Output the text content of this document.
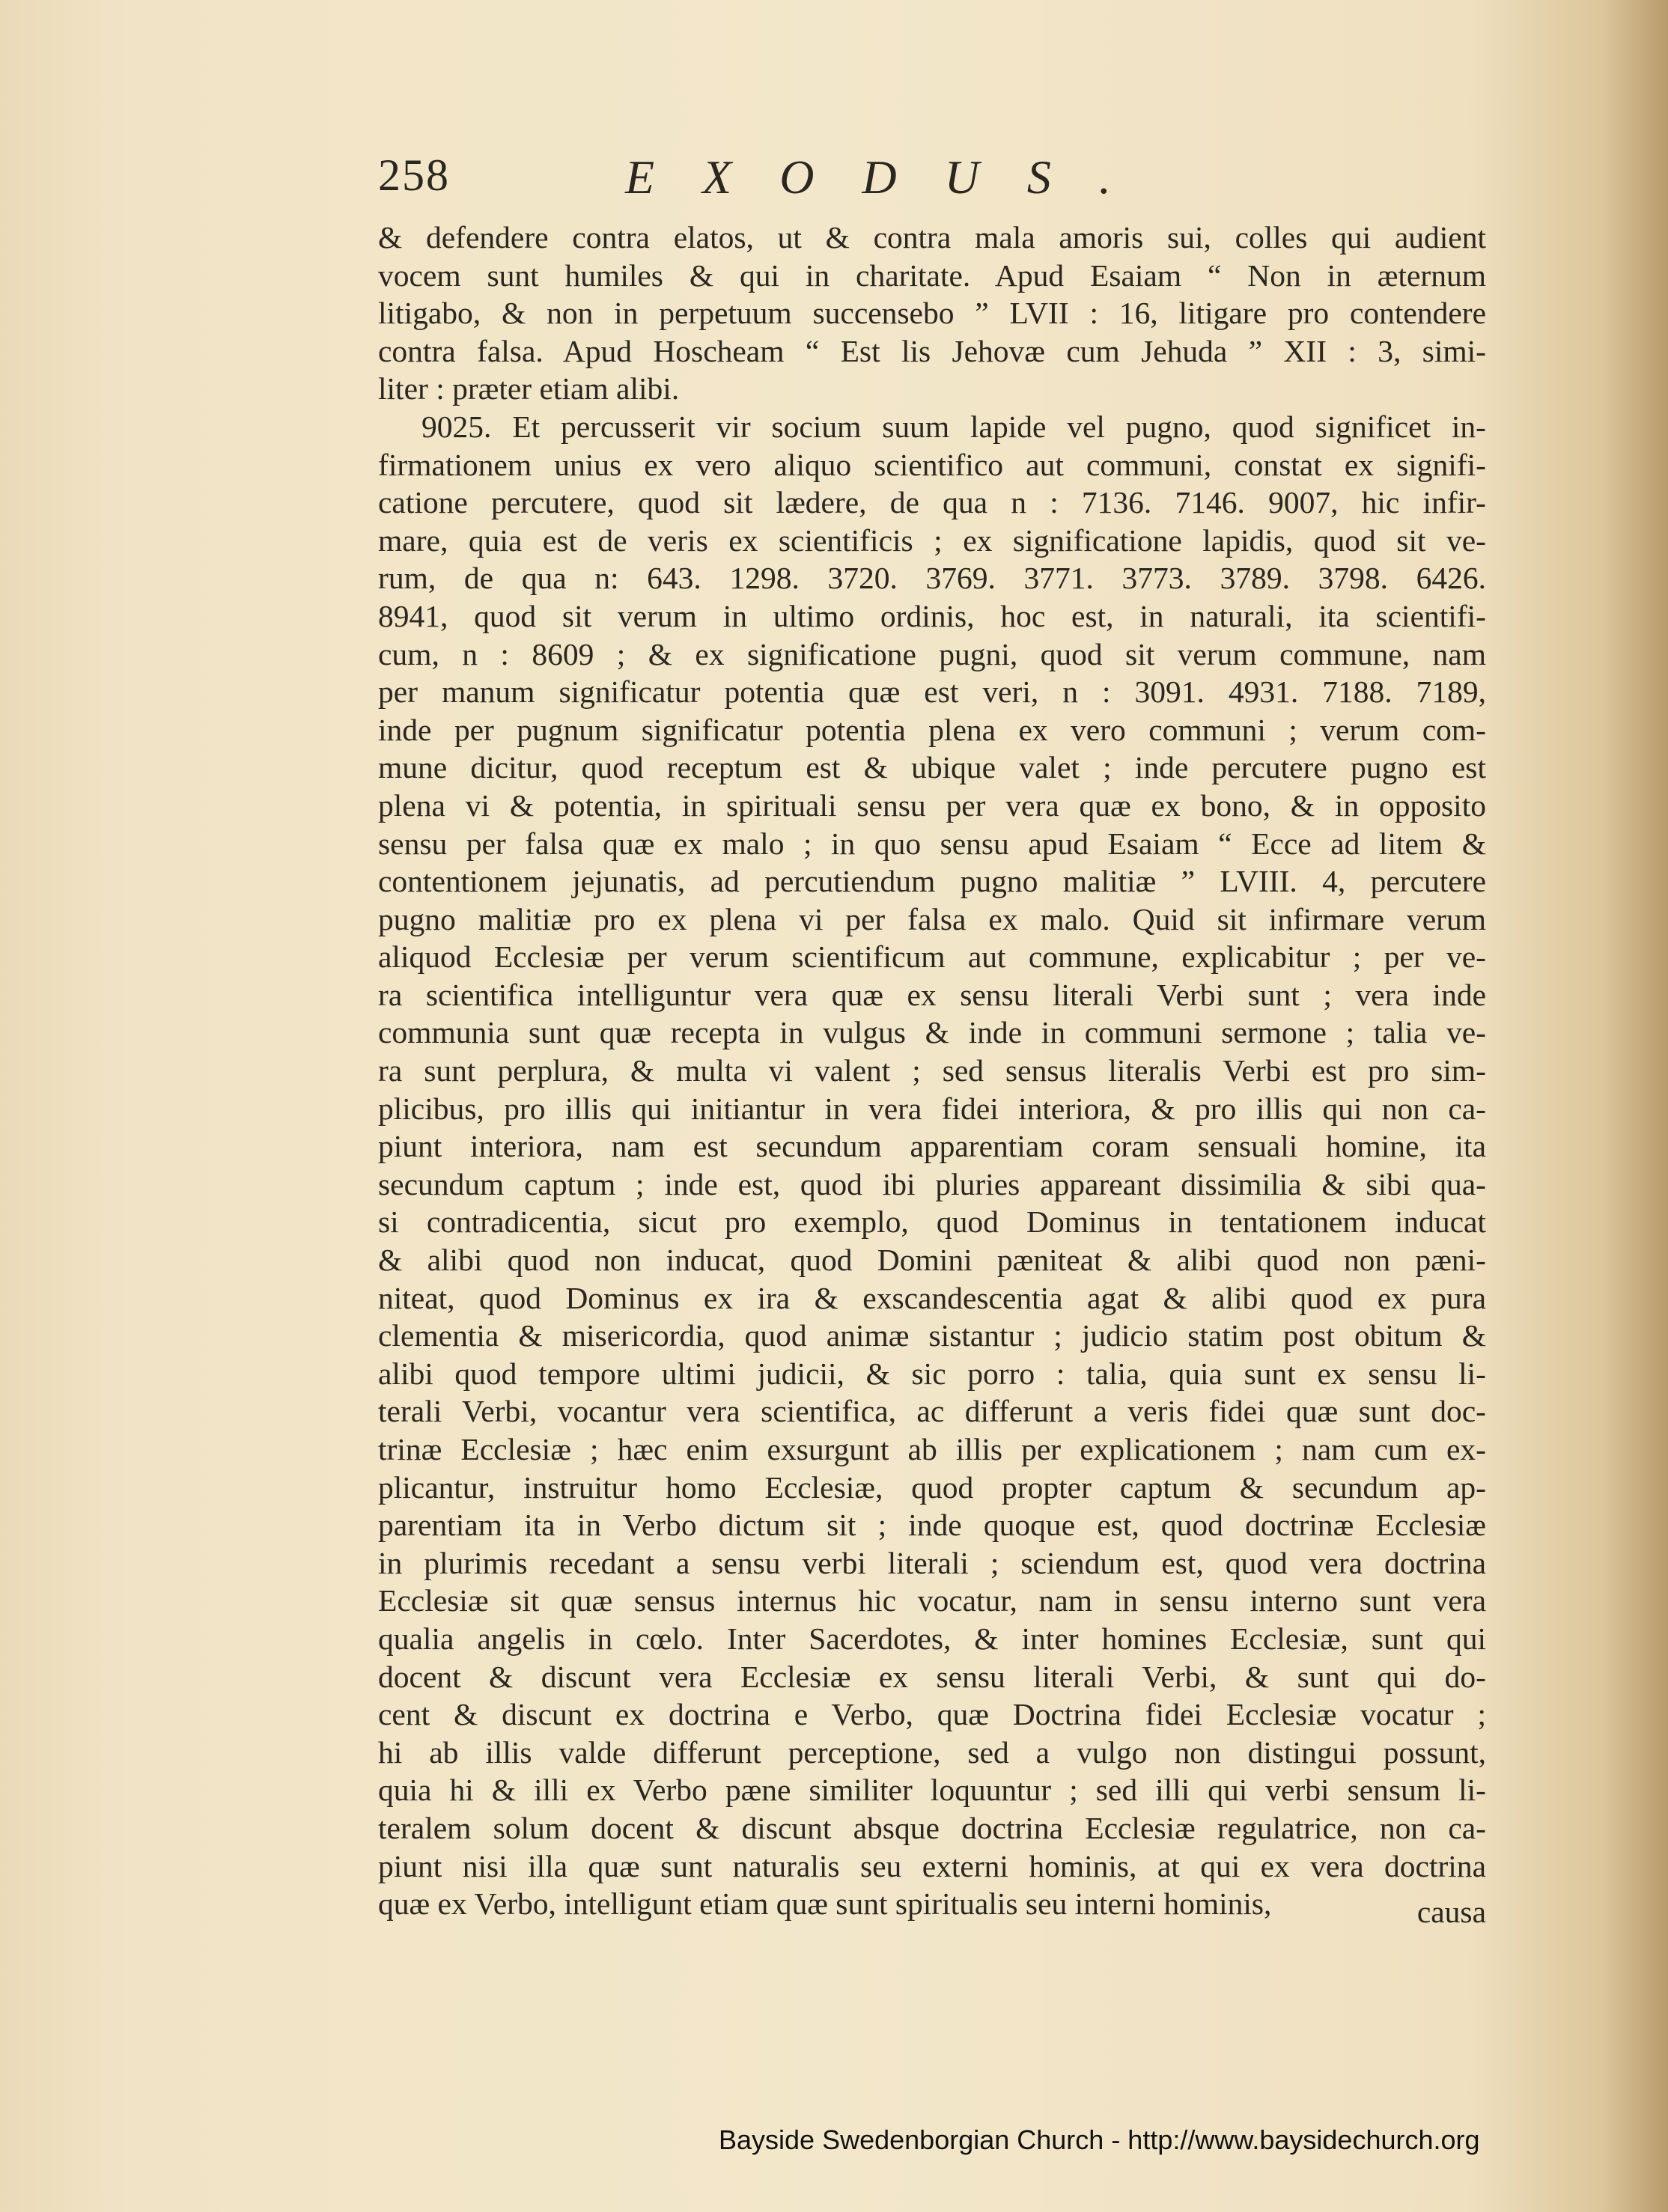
258	EXODUS.
& defendere contra elatos, ut & contra mala amoris sui, colles qui audient
vocem sunt humiles & qui in charitate. Apud Esaiam “ Non in æternum
litigabo, & non in perpetuum succensebo ” LVII : 16, litigare pro contendere
contra falsa. Apud Hoscheam “ Est lis Jehovæ cum Jehuda ” XII : 3, simi-
liter : præter etiam alibi.
9025. Et percusserit vir socium suum lapide vel pugno, quod significet in-
firmationem unius ex vero aliquo scientifico aut communi, constat ex signifi-
catione percutere, quod sit lædere, de qua n : 7136. 7146. 9007, hic infir-
mare, quia est de veris ex scientificis ; ex significatione lapidis, quod sit ve-
rum, de qua n: 643. 1298. 3720. 3769. 3771. 3773. 3789. 3798. 6426.
8941, quod sit verum in ultimo ordinis, hoc est, in naturali, ita scientifi-
cum, n : 8609 ; & ex significatione pugni, quod sit verum commune, nam
per manum significatur potentia quæ est veri, n : 3091. 4931. 7188. 7189,
inde per pugnum significatur potentia plena ex vero communi ; verum com-
mune dicitur, quod receptum est & ubique valet ; inde percutere pugno est
plena vi & potentia, in spirituali sensu per vera quæ ex bono, & in opposito
sensu per falsa quæ ex malo ; in quo sensu apud Esaiam “ Ecce ad litem &
contentionem jejunatis, ad percutiendum pugno malitiæ ” LVIII. 4, percutere
pugno malitiæ pro ex plena vi per falsa ex malo. Quid sit infirmare verum
aliquod Ecclesiæ per verum scientificum aut commune, explicabitur ; per ve-
ra scientifica intelliguntur vera quæ ex sensu literali Verbi sunt ; vera inde
communia sunt quæ recepta in vulgus & inde in communi sermone ; talia ve-
ra sunt perplura, & multa vi valent ; sed sensus literalis Verbi est pro sim-
plicibus, pro illis qui initiantur in vera fidei interiora, & pro illis qui non ca-
piunt interiora, nam est secundum apparentiam coram sensuali homine, ita
secundum captum ; inde est, quod ibi pluries appareant dissimilia & sibi qua-
si contradicentia, sicut pro exemplo, quod Dominus in tentationem inducat
& alibi quod non inducat, quod Domini pæniteat & alibi quod non pæni-
niteat, quod Dominus ex ira & exscandescentia agat & alibi quod ex pura
clementia & misericordia, quod animæ sistantur ; judicio statim post obitum &
alibi quod tempore ultimi judicii, & sic porro : talia, quia sunt ex sensu li-
terali Verbi, vocantur vera scientifica, ac differunt a veris fidei quæ sunt doc-
trinæ Ecclesiæ ; hæc enim exsurgunt ab illis per explicationem ; nam cum ex-
plicantur, instruitur homo Ecclesiæ, quod propter captum & secundum ap-
parentiam ita in Verbo dictum sit ; inde quoque est, quod doctrinæ Ecclesiæ
in plurimis recedant a sensu verbi literali ; sciendum est, quod vera doctrina
Ecclesiæ sit quæ sensus internus hic vocatur, nam in sensu interno sunt vera
qualia angelis in cœlo. Inter Sacerdotes, & inter homines Ecclesiæ, sunt qui
docent & discunt vera Ecclesiæ ex sensu literali Verbi, & sunt qui do-
cent & discunt ex doctrina e Verbo, quæ Doctrina fidei Ecclesiæ vocatur ;
hi ab illis valde differunt perceptione, sed a vulgo non distingui possunt,
quia hi & illi ex Verbo pæne similiter loquuntur ; sed illi qui verbi sensum li-
teralem solum docent & discunt absque doctrina Ecclesiæ regulatrice, non ca-
piunt nisi illa quæ sunt naturalis seu externi hominis, at qui ex vera doctrina
quæ ex Verbo, intelligunt etiam quæ sunt spiritualis seu interni hominis,	causa
Bayside Swedenborgian Church - http://www.baysidechurch.org
